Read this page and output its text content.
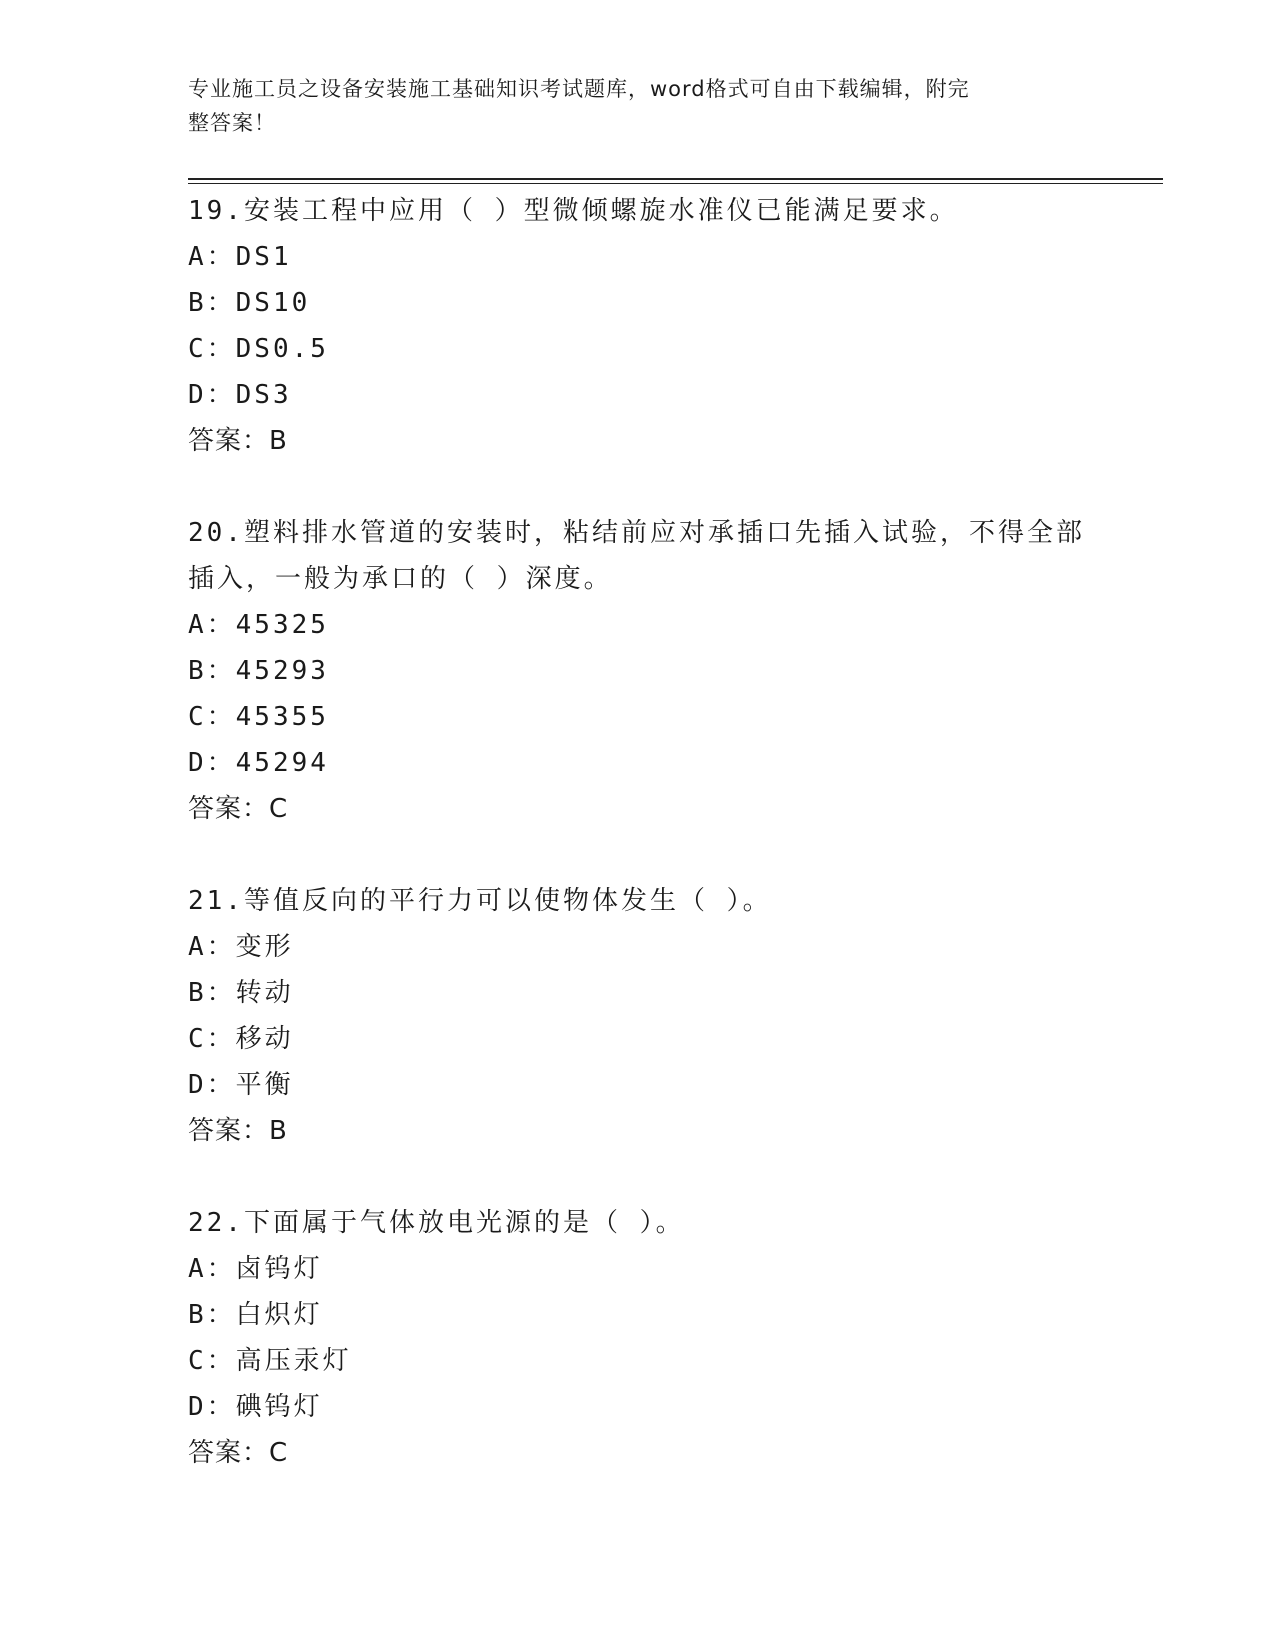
专业施工员之设备安装施工基础知识考试题库，word格式可自由下载编辑，附完
整答案！
19.安装工程中应用（ ）型微倾螺旋水准仪已能满足要求。
A：DS1
B：DS10
C：DS0.5
D：DS3
答案：B
20.塑料排水管道的安装时，粘结前应对承插口先插入试验，不得全部
插入，一般为承口的（ ）深度。
A：45325
B：45293
C：45355
D：45294
答案：C
21.等值反向的平行力可以使物体发生（ ）。
A：变形
B：转动
C：移动
D：平衡
答案：B
22.下面属于气体放电光源的是（ ）。
A：卤钨灯
B：白炽灯
C：高压汞灯
D：碘钨灯
答案：C
